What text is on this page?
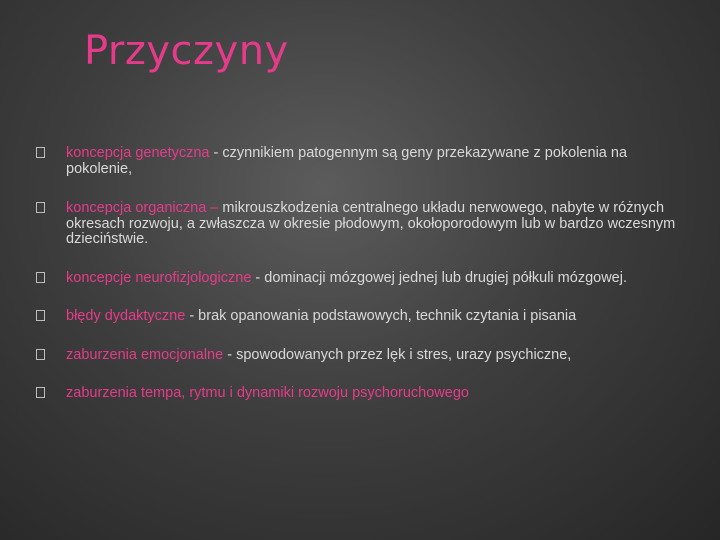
Przyczyny
koncepcja genetyczna - czynnikiem patogennym są geny przekazywane z pokolenia na pokolenie,
koncepcja organiczna – mikrouszkodzenia centralnego układu nerwowego, nabyte w różnych okresach rozwoju, a zwłaszcza w okresie płodowym, okołoporodowym lub w bardzo wczesnym dzieciństwie.
koncepcje neurofizjologiczne - dominacji mózgowej jednej lub drugiej półkuli mózgowej.
błędy dydaktyczne - brak opanowania podstawowych, technik czytania i pisania
zaburzenia emocjonalne - spowodowanych przez lęk i stres, urazy psychiczne,
zaburzenia tempa, rytmu i dynamiki rozwoju psychoruchowego
